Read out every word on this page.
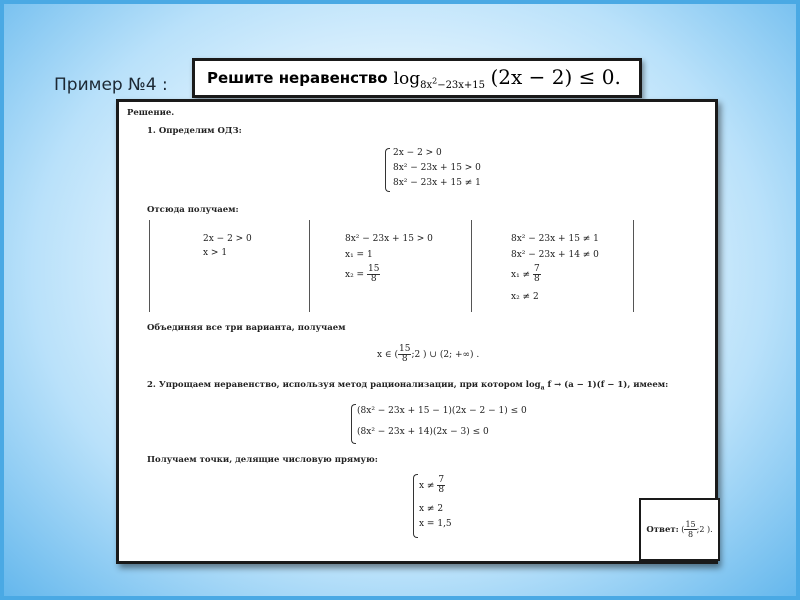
Пример №4 :	Решите неравенство $\log_{8x^2-23x+15} (2x - 2) \le 0$.
Решение.
1. Определим ОДЗ:
2x − 2 > 0
8x² − 23x + 15 > 0
8x² − 23x + 15 ≠ 1
Отсюда получаем:
2x − 2 > 0
x > 1
8x² − 23x + 15 > 0
x₁ = 1
$x_2 = \frac{15}{8}$
8x² − 23x + 15 ≠ 1
8x² − 23x + 14 ≠ 0
$x_1 \ne \frac{7}{8}$
x₂ ≠ 2
Объединяя все три варианта, получаем
x ∈ ( $\frac{15}{8}$ ;2 ) ∪ (2; +∞) .
2. Упрощаем неравенство, используя метод рационализации, при котором $\log_a f \to (a - 1)(f - 1)$, имеем:
(8x² − 23x + 15 − 1)(2x − 2 − 1) ≤ 0
(8x² − 23x + 14)(2x − 3) ≤ 0
Получаем точки, делящие числовую прямую:
$x \ne \frac{7}{8}$
x ≠ 2
x = 1,5
Ответ: ( $\frac{15}{8}$ ;2 ).
